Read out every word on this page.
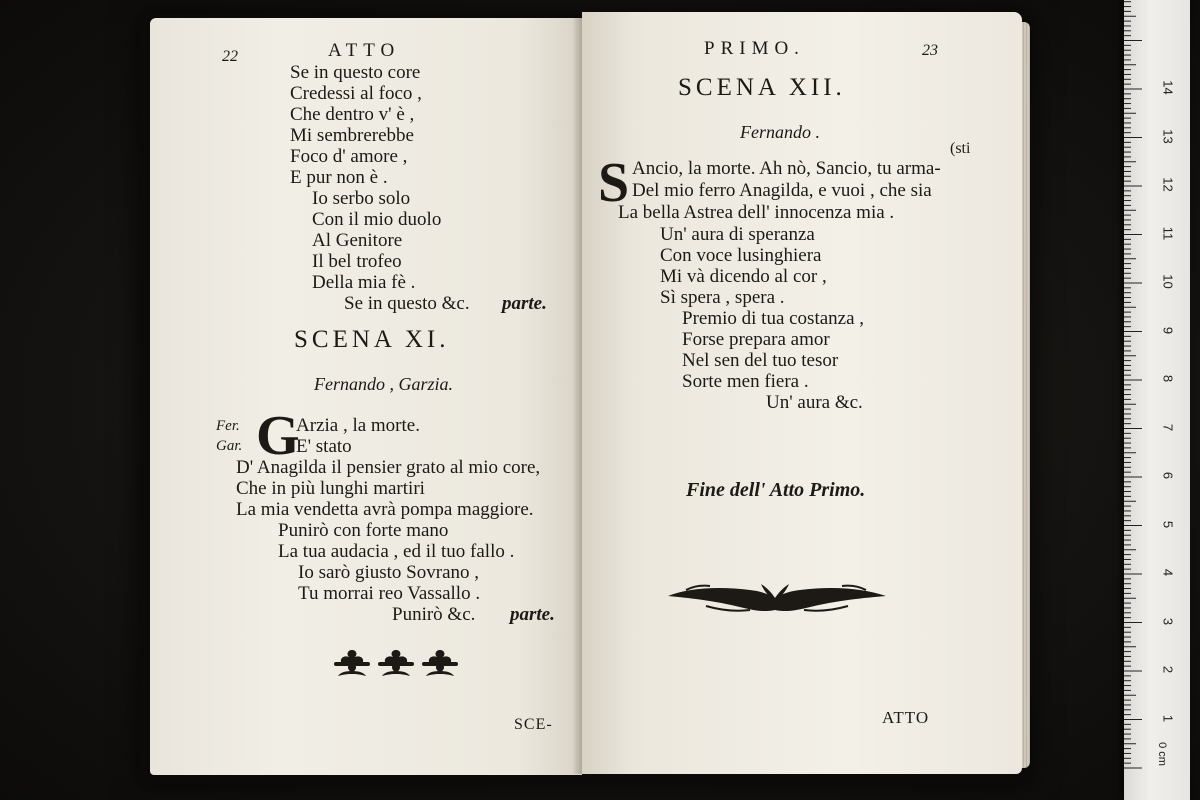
1
2
3
4
5
6
7
8
9
10
11
12
13
14
0 cm
22	ATTO
Se in questo core
Credessi al foco ,
Che dentro v' è ,
Mi sembrerebbe
Foco d' amore ,
E pur non è .
Io serbo solo
Con il mio duolo
Al Genitore
Il bel trofeo
Della mia fè .
Se in questo &c. parte.
SCENA XI.
Fernando , Garzia.
Fer.
Gar. G
Arzia , la morte.
E' stato
D' Anagilda il pensier grato al mio core,
Che in più lunghi martiri
La mia vendetta avrà pompa maggiore.
Punirò con forte mano
La tua audacia , ed il tuo fallo .
Io sarò giusto Sovrano ,
Tu morrai reo Vassallo .
Punirò &c. parte.
SCE-
PRIMO.	23
SCENA XII.
Fernando .
(sti
S Ancio, la morte. Ah nò, Sancio, tu arma-
Del mio ferro Anagilda, e vuoi , che sia
La bella Astrea dell' innocenza mia .
Un' aura di speranza
Con voce lusinghiera
Mi và dicendo al cor ,
Sì spera , spera .
Premio di tua costanza ,
Forse prepara amor
Nel sen del tuo tesor
Sorte men fiera .
Un' aura &c.
Fine dell' Atto Primo.
ATTO
